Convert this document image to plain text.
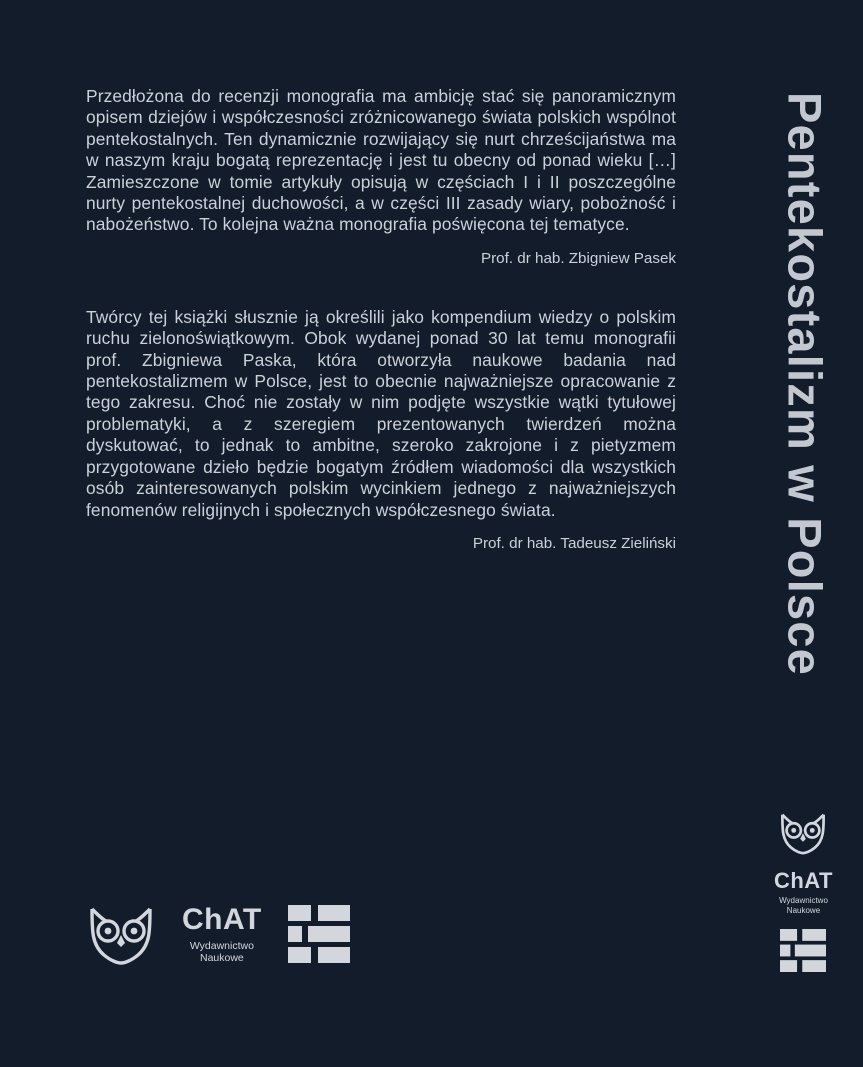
Przedłożona do recenzji monografia ma ambicję stać się panoramicznym opisem dziejów i współczesności zróżnicowanego świata polskich wspólnot pentekostalnych. Ten dynamicznie rozwijający się nurt chrześcijaństwa ma w naszym kraju bogatą reprezentację i jest tu obecny od ponad wieku […] Zamieszczone w tomie artykuły opisują w częściach I i II poszczególne nurty pentekostalnej duchowości, a w części III zasady wiary, pobożność i nabożeństwo. To kolejna ważna monografia poświęcona tej tematyce.

Prof. dr hab. Zbigniew Pasek

Twórcy tej książki słusznie ją określili jako kompendium wiedzy o polskim ruchu zielonoświątkowym. Obok wydanej ponad 30 lat temu monografii prof. Zbigniewa Paska, która otworzyła naukowe badania nad pentekostalizmem w Polsce, jest to obecnie najważniejsze opracowanie z tego zakresu. Choć nie zostały w nim podjęte wszystkie wątki tytułowej problematyki, a z szeregiem prezentowanych twierdzeń można dyskutować, to jednak to ambitne, szeroko zakrojone i z pietyzmem przygotowane dzieło będzie bogatym źródłem wiadomości dla wszystkich osób zainteresowanych polskim wycinkiem jednego z najważniejszych fenomenów religijnych i społecznych współczesnego świata.

Prof. dr hab. Tadeusz Zieliński Pentekostalizm w Polsce
ChAT
Wydawnictwo
Naukowe
ChAT
Wydawnictwo
Naukowe
